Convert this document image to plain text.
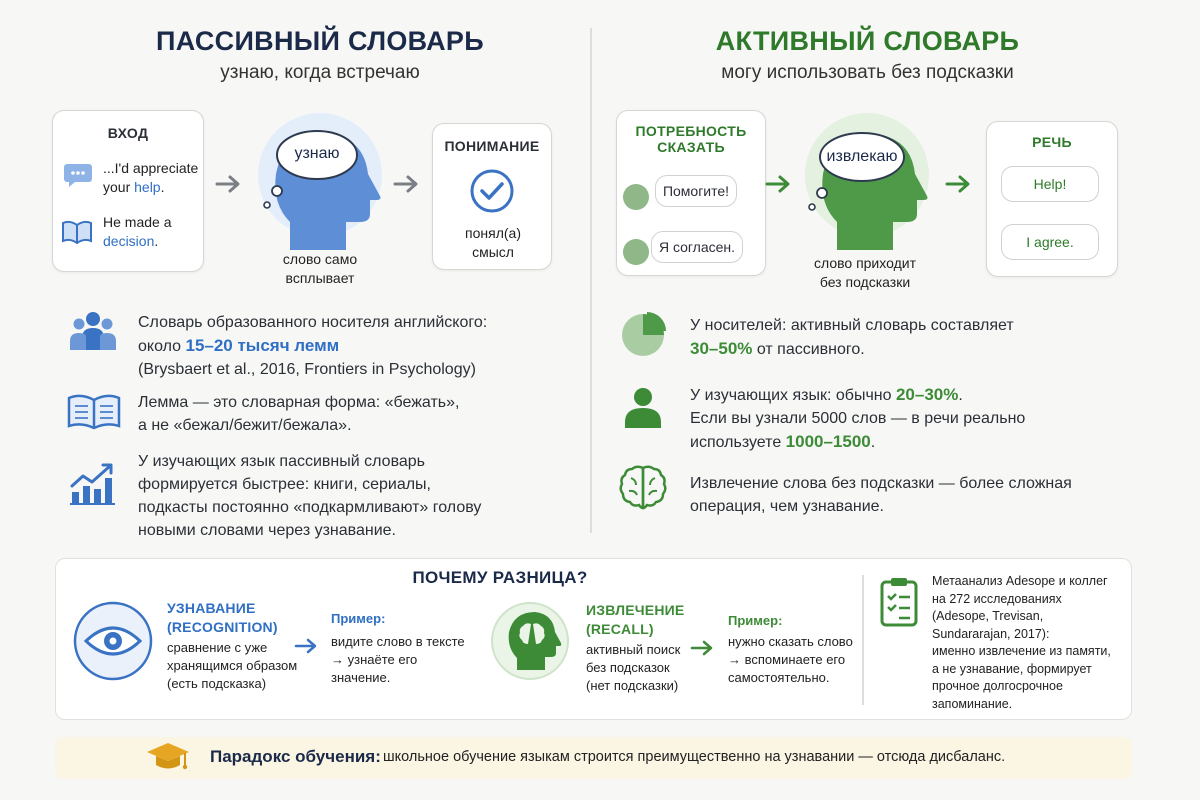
ПАССИВНЫЙ СЛОВАРЬ
узнаю, когда встречаю
ВХОД
...I'd appreciate
your help.
He made a
decision.
узнаю
слово само
всплывает
ПОНИМАНИЕ
понял(а)
смысл
Словарь образованного носителя английского:
около 15–20 тысяч лемм
(Brysbaert et al., 2016, Frontiers in Psychology)
Лемма — это словарная форма: «бежать»,
а не «бежал/бежит/бежала».
У изучающих язык пассивный словарь
формируется быстрее: книги, сериалы,
подкасты постоянно «подкармливают» голову
новыми словами через узнавание.
АКТИВНЫЙ СЛОВАРЬ
могу использовать без подсказки
ПОТРЕБНОСТЬ
СКАЗАТЬ
Помогите!
Я согласен.
извлекаю
слово приходит
без подсказки
РЕЧЬ
Help!
I agree.
У носителей: активный словарь составляет
30–50% от пассивного.
У изучающих язык: обычно 20–30%.
Если вы узнали 5000 слов — в речи реально
используете 1000–1500.
Извлечение слова без подсказки — более сложная
операция, чем узнавание.
ПОЧЕМУ РАЗНИЦА?
УЗНАВАНИЕ
(RECOGNITION)
сравнение с уже
хранящимся образом
(есть подсказка)
Пример:
видите слово в тексте
→ узнаёте его
значение.
ИЗВЛЕЧЕНИЕ
(RECALL)
активный поиск
без подсказок
(нет подсказки)
Пример:
нужно сказать слово
→ вспоминаете его
самостоятельно.
Метаанализ Adesope и коллег
на 272 исследованиях
(Adesope, Trevisan,
Sundararajan, 2017):
именно извлечение из памяти,
а не узнавание, формирует
прочное долгосрочное
запоминание.
Парадокс обучения: школьное обучение языкам строится преимущественно на узнавании — отсюда дисбаланс.
